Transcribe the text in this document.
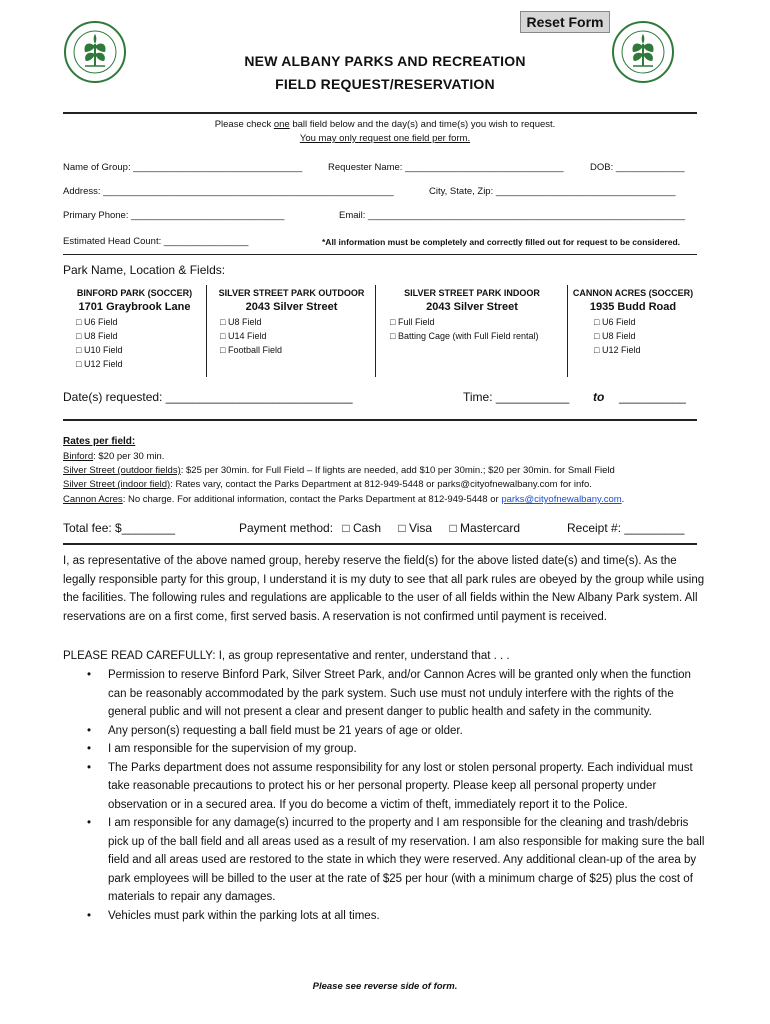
Reset Form
NEW ALBANY PARKS AND RECREATION
FIELD REQUEST/RESERVATION
Please check one ball field below and the day(s) and time(s) you wish to request.
You may only request one field per form.
Name of Group: ________________________________	Requester Name: ______________________________	DOB: _____________
Address: _______________________________________________________	City, State, Zip: __________________________________
Primary Phone: _____________________________	Email: ____________________________________________________________
Estimated Head Count: ________________	*All information must be completely and correctly filled out for request to be considered.
Park Name, Location & Fields:
BINFORD PARK (SOCCER)
1701 Graybrook Lane
□ U6 Field
□ U8 Field
□ U10 Field
□ U12 Field
SILVER STREET PARK OUTDOOR
2043 Silver Street
□ U8 Field
□ U14 Field
□ Football Field
SILVER STREET PARK INDOOR
2043 Silver Street
□ Full Field
□ Batting Cage (with Full Field rental)
CANNON ACRES (SOCCER)
1935 Budd Road
□ U6 Field
□ U8 Field
□ U12 Field
Date(s) requested: ____________________________	Time: ___________ to __________
Rates per field:
Binford: $20 per 30 min.
Silver Street (outdoor fields): $25 per 30min. for Full Field – If lights are needed, add $10 per 30min.; $20 per 30min. for Small Field
Silver Street (indoor field): Rates vary, contact the Parks Department at 812-949-5448 or parks@cityofnewalbany.com for info.
Cannon Acres: No charge. For additional information, contact the Parks Department at 812-949-5448 or parks@cityofnewalbany.com.
Total fee: $________	Payment method: □ Cash □ Visa □ Mastercard	Receipt #: _________
I, as representative of the above named group, hereby reserve the field(s) for the above listed date(s) and time(s). As the legally responsible party for this group, I understand it is my duty to see that all park rules are obeyed by the group while using the facilities. The following rules and regulations are applicable to the user of all fields within the New Albany Park system. All reservations are on a first come, first served basis. A reservation is not confirmed until payment is received.
PLEASE READ CAREFULLY: I, as group representative and renter, understand that . . .
• Permission to reserve Binford Park, Silver Street Park, and/or Cannon Acres will be granted only when the function can be reasonably accommodated by the park system. Such use must not unduly interfere with the rights of the general public and will not present a clear and present danger to public health and safety in the community.
• Any person(s) requesting a ball field must be 21 years of age or older.
• I am responsible for the supervision of my group.
• The Parks department does not assume responsibility for any lost or stolen personal property. Each individual must take reasonable precautions to protect his or her personal property. Please keep all personal property under observation or in a secured area. If you do become a victim of theft, immediately report it to the Police.
• I am responsible for any damage(s) incurred to the property and I am responsible for the cleaning and trash/debris pick up of the ball field and all areas used as a result of my reservation. I am also responsible for making sure the ball field and all areas used are restored to the state in which they were reserved. Any additional clean-up of the area by park employees will be billed to the user at the rate of $25 per hour (with a minimum charge of $25) plus the cost of materials to repair any damages.
• Vehicles must park within the parking lots at all times.
Please see reverse side of form.
